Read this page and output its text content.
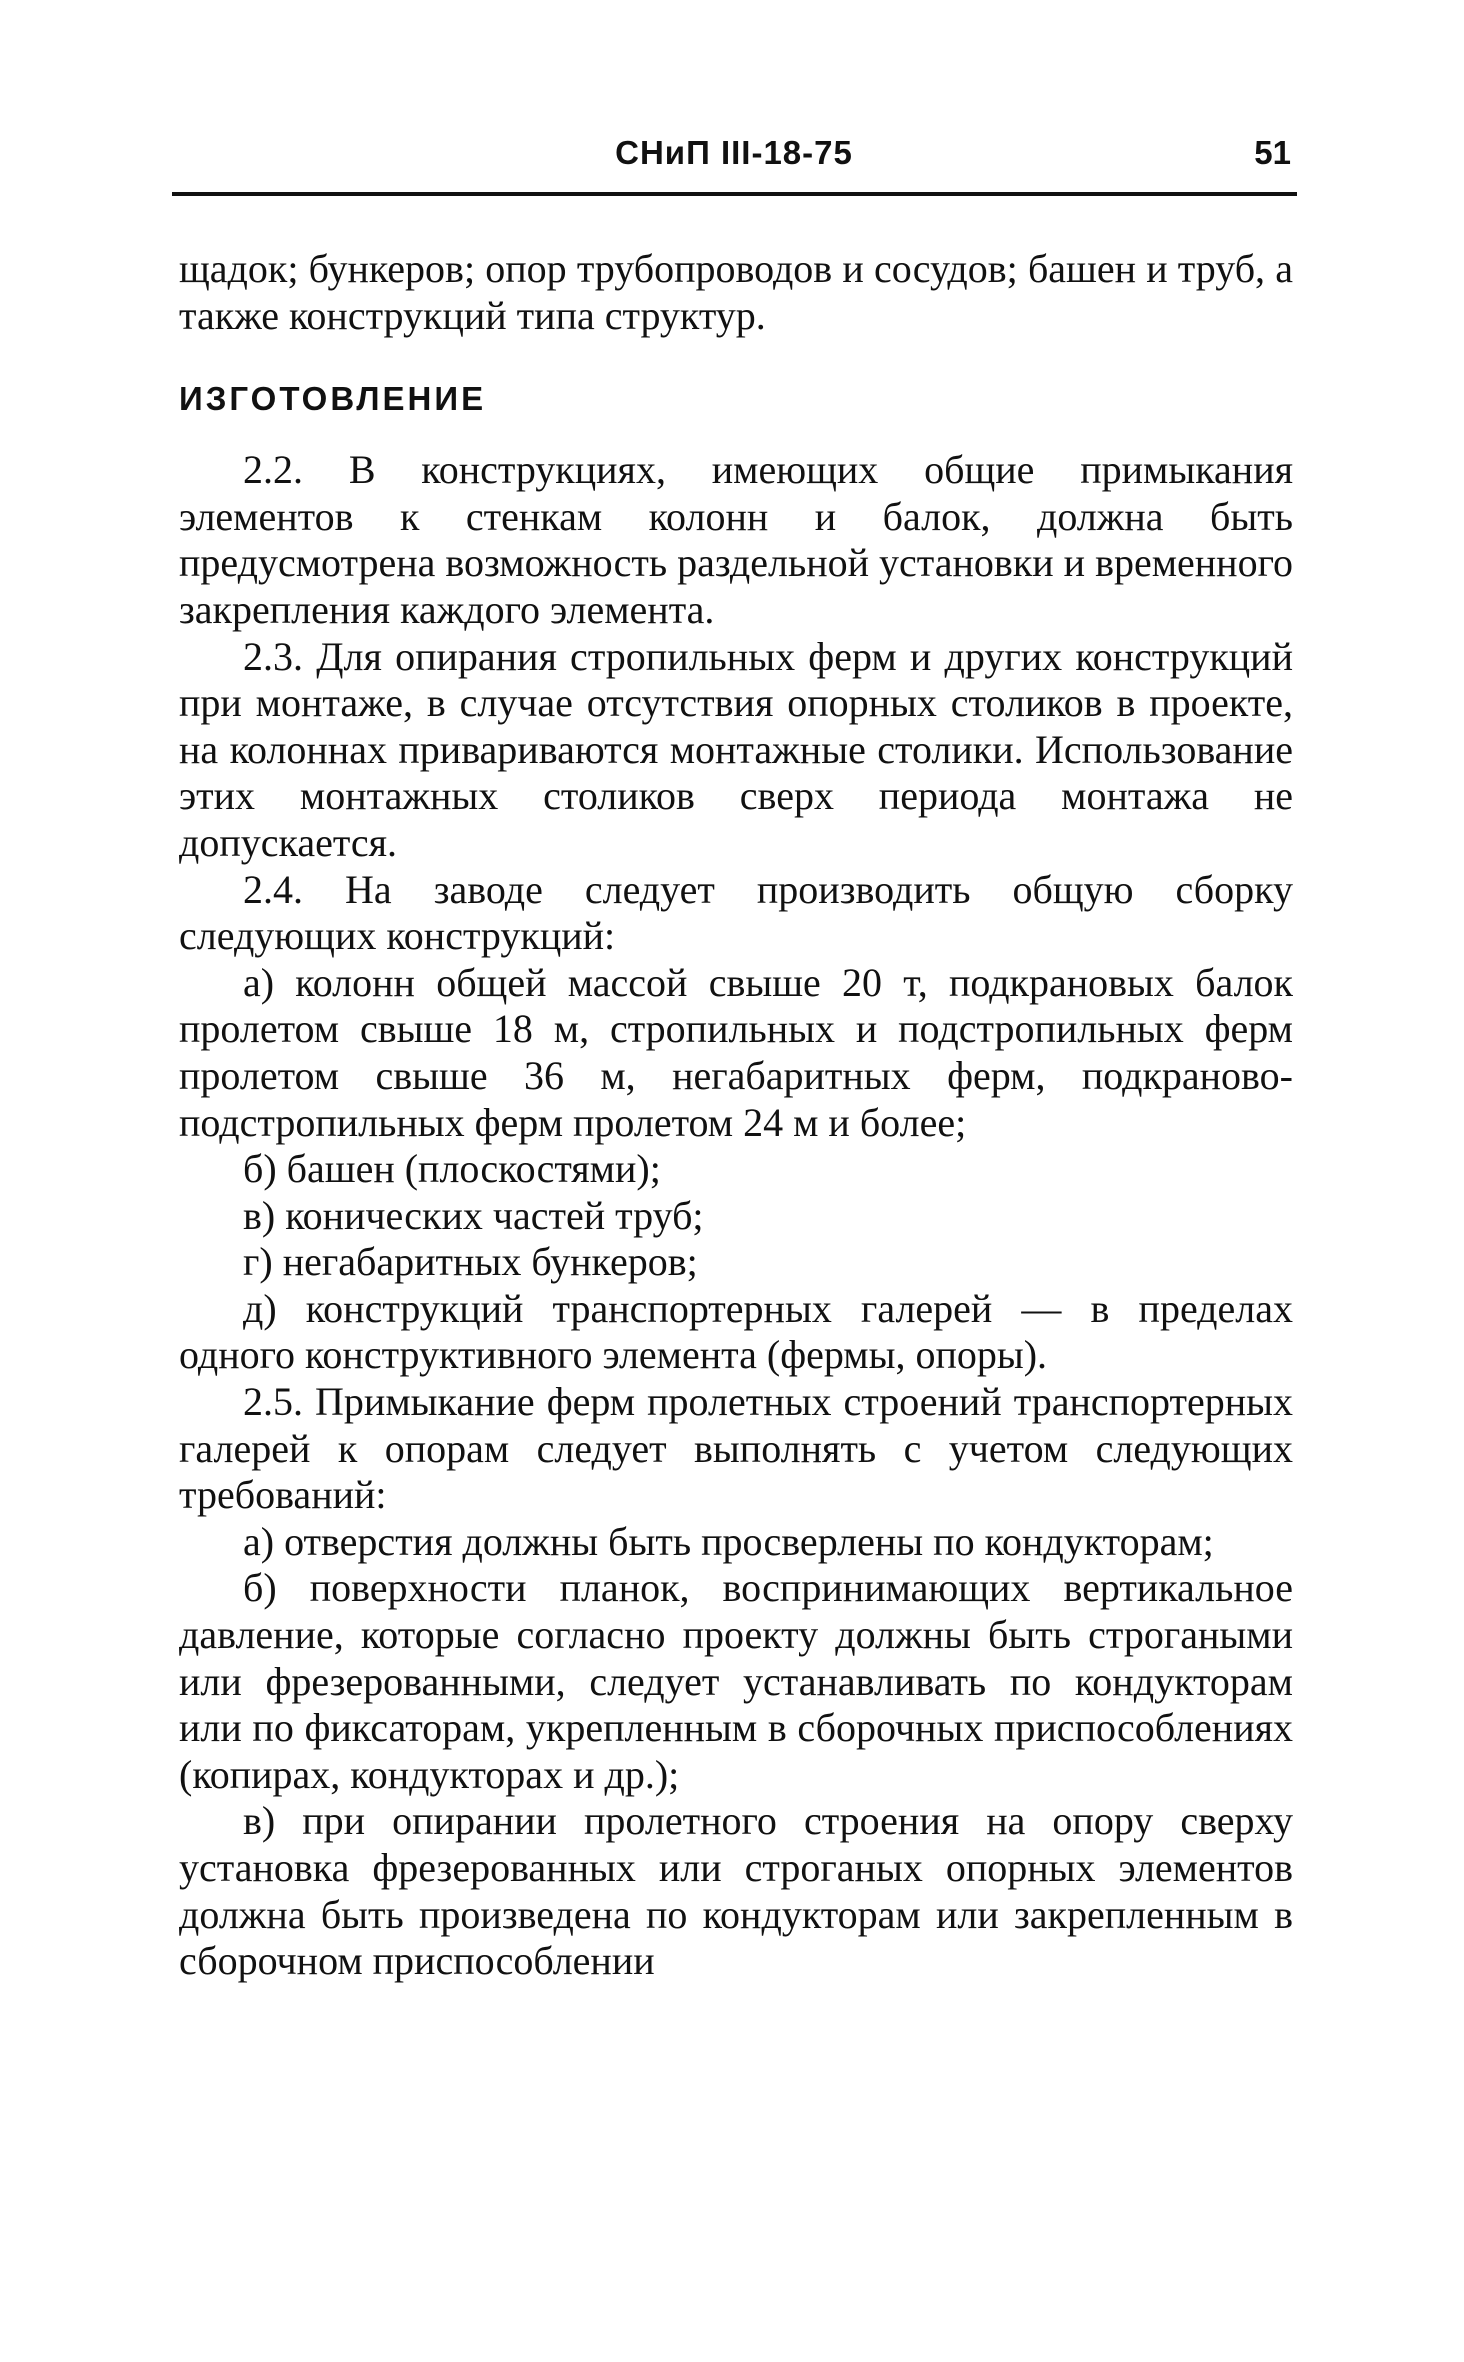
СНиП III-18-75	51

щадок; бункеров; опор трубопроводов и сосудов; башен и труб, а также конструкций типа структур.

ИЗГОТОВЛЕНИЕ

2.2. В конструкциях, имеющих общие примыкания элементов к стенкам колонн и балок, должна быть предусмотрена возможность раздельной установки и временного закрепления каждого элемента.

2.3. Для опирания стропильных ферм и других конструкций при монтаже, в случае отсутствия опорных столиков в проекте, на колоннах привариваются монтажные столики. Использование этих монтажных столиков сверх периода монтажа не допускается.

2.4. На заводе следует производить общую сборку следующих конструкций:

а) колонн общей массой свыше 20 т, подкрановых балок пролетом свыше 18 м, стропильных и подстропильных ферм пролетом свыше 36 м, негабаритных ферм, подкраново-подстропильных ферм пролетом 24 м и более;

б) башен (плоскостями);

в) конических частей труб;

г) негабаритных бункеров;

д) конструкций транспортерных галерей — в пределах одного конструктивного элемента (фермы, опоры).

2.5. Примыкание ферм пролетных строений транспортерных галерей к опорам следует выполнять с учетом следующих требований:

а) отверстия должны быть просверлены по кондукторам;

б) поверхности планок, воспринимающих вертикальное давление, которые согласно проекту должны быть строгаными или фрезерованными, следует устанавливать по кондукторам или по фиксаторам, укрепленным в сборочных приспособлениях (копирах, кондукторах и др.);

в) при опирании пролетного строения на опору сверху установка фрезерованных или строганых опорных элементов должна быть произведена по кондукторам или закрепленным в сборочном приспособлении
